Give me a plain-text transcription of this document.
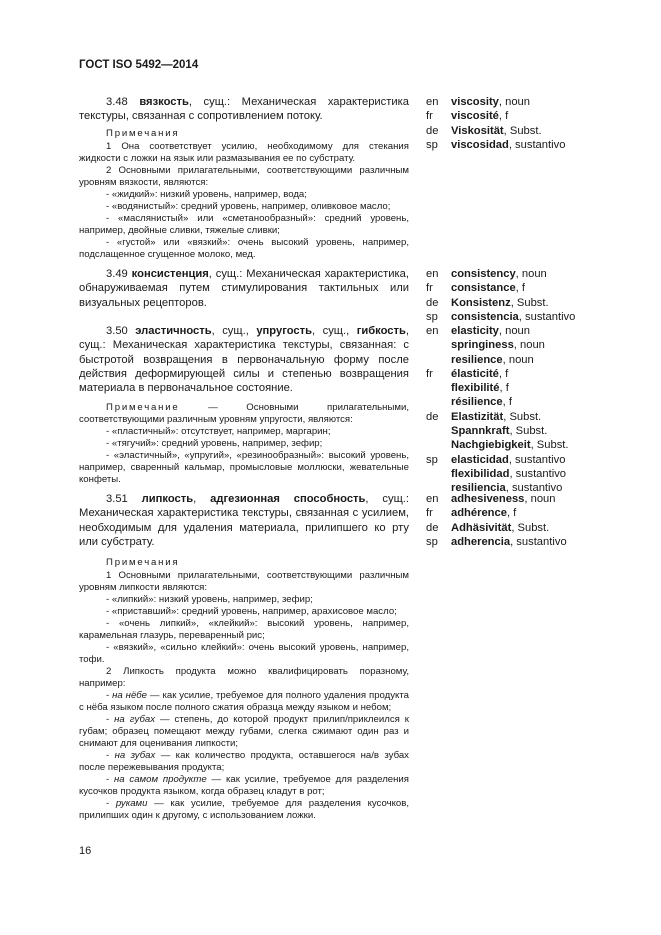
ГОСТ ISO 5492—2014

3.48 вязкость, сущ.: Механическая характеристика текстуры, связанная с сопротивлением потоку.

Примечания

1 Она соответствует усилию, необходимому для стекания жидкости с ложки на язык или размазывания ее по субстрату.

2 Основными прилагательными, соответствующими различным уровням вязкости, являются:

- «жидкий»: низкий уровень, например, вода;

- «водянистый»: средний уровень, например, оливковое масло;

- «маслянистый» или «сметанообразный»: средний уровень, например, двойные сливки, тяжелые сливки;

- «густой» или «вязкий»: очень высокий уровень, например, подслащенное сгущенное молоко, мед.

3.49 консистенция, сущ.: Механическая характеристика, обнаруживаемая путем стимулирования тактильных или визуальных рецепторов.

3.50 эластичность, сущ., упругость, сущ., гибкость, сущ.: Механическая характеристика текстуры, связанная: с быстротой возвращения в первоначальную форму после действия деформирующей силы и степенью возвращения материала в первоначальное состояние.

Примечание — Основными прилагательными, соответствующими различным уровням упругости, являются:

- «пластичный»: отсутствует, например, маргарин;

- «тягучий»: средний уровень, например, зефир;

- «эластичный», «упругий», «резинообразный»: высокий уровень, например, сваренный кальмар, промысловые моллюски, жевательные конфеты.

3.51 липкость, адгезионная способность, сущ.: Механическая характеристика текстуры, связанная с усилием, необходимым для удаления материала, прилипшего ко рту или субстрату.

Примечания

1 Основными прилагательными, соответствующими различным уровням липкости являются:

- «липкий»: низкий уровень, например, зефир;

- «приставший»: средний уровень, например, арахисовое масло;

- «очень липкий», «клейкий»: высокий уровень, например, карамельная глазурь, переваренный рис;

- «вязкий», «сильно клейкий»: очень высокий уровень, например, тофи.

2 Липкость продукта можно квалифицировать поразному, например:

- на нёбе — как усилие, требуемое для полного удаления продукта с нёба языком после полного сжатия образца между языком и небом;

- на губах — степень, до которой продукт прилип/приклеился к губам; образец помещают между губами, слегка сжимают один раз и снимают для оценивания липкости;

- на зубах — как количество продукта, оставшегося на/в зубах после пережевывания продукта;

- на самом продукте — как усилие, требуемое для разделения кусочков продукта языком, когда образец кладут в рот;

- руками — как усилие, требуемое для разделения кусочков, прилипших один к другому, с использованием ложки.

en viscosity, noun
fr viscosité, f
de Viskosität, Subst.
sp viscosidad, sustantivo
en consistency, noun
fr consistance, f
de Konsistenz, Subst.
sp consistencia, sustantivo
en elasticity, noun
springiness, noun
resilience, noun
fr élasticité, f
flexibilité, f
résilience, f
de Elastizität, Subst.
Spannkraft, Subst.
Nachgiebigkeit, Subst.
sp elasticidad, sustantivo
flexibilidad, sustantivo
resiliencia, sustantivo
en adhesiveness, noun
fr adhérence, f
de Adhäsivität, Subst.
sp adherencia, sustantivo
16
